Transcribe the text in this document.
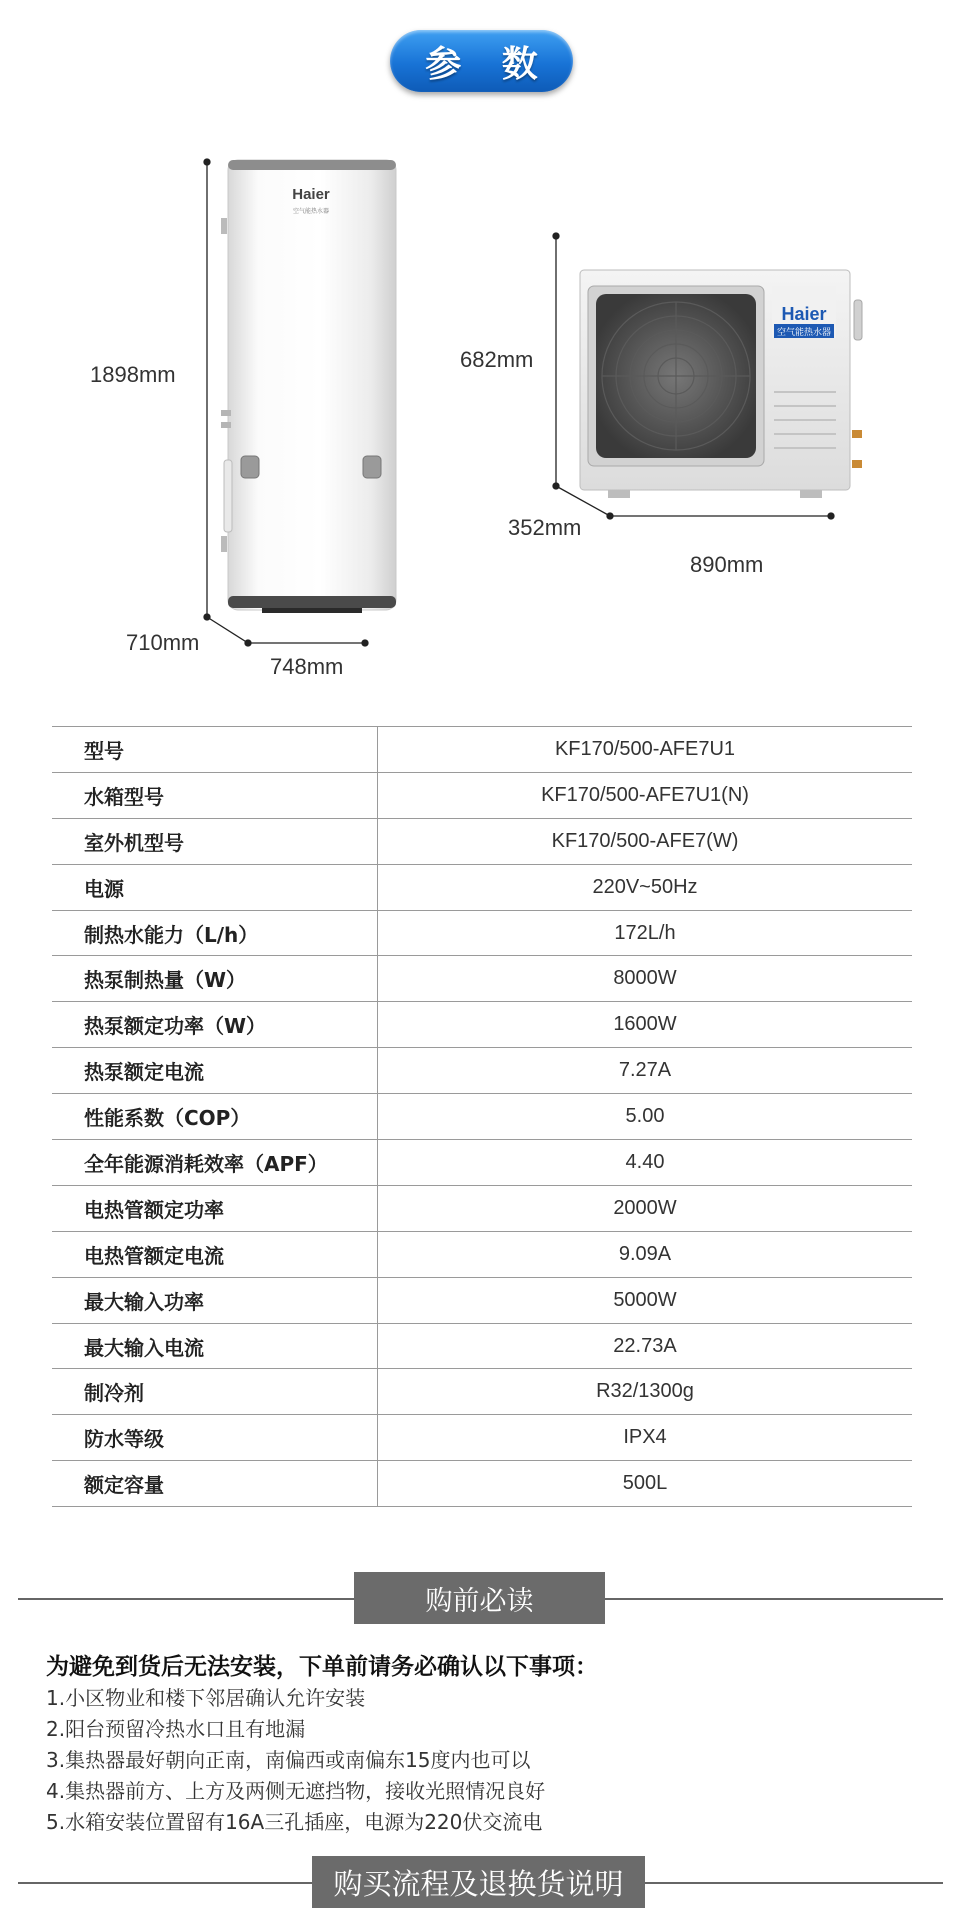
参 数
Haier
空气能热水器
Haier
空气能热水器
1898mm
710mm
748mm
682mm
352mm
890mm
型号	KF170/500-AFE7U1
水箱型号	KF170/500-AFE7U1(N)
室外机型号	KF170/500-AFE7(W)
电源	220V~50Hz
制热水能力（L/h）	172L/h
热泵制热量（W）	8000W
热泵额定功率（W）	1600W
热泵额定电流	7.27A
性能系数（COP）	5.00
全年能源消耗效率（APF）	4.40
电热管额定功率	2000W
电热管额定电流	9.09A
最大输入功率	5000W
最大输入电流	22.73A
制冷剂	R32/1300g
防水等级	IPX4
额定容量	500L
购前必读
为避免到货后无法安装，下单前请务必确认以下事项：
1.小区物业和楼下邻居确认允许安装
2.阳台预留冷热水口且有地漏
3.集热器最好朝向正南，南偏西或南偏东15度内也可以
4.集热器前方、上方及两侧无遮挡物，接收光照情况良好
5.水箱安装位置留有16A三孔插座，电源为220伏交流电
购买流程及退换货说明
